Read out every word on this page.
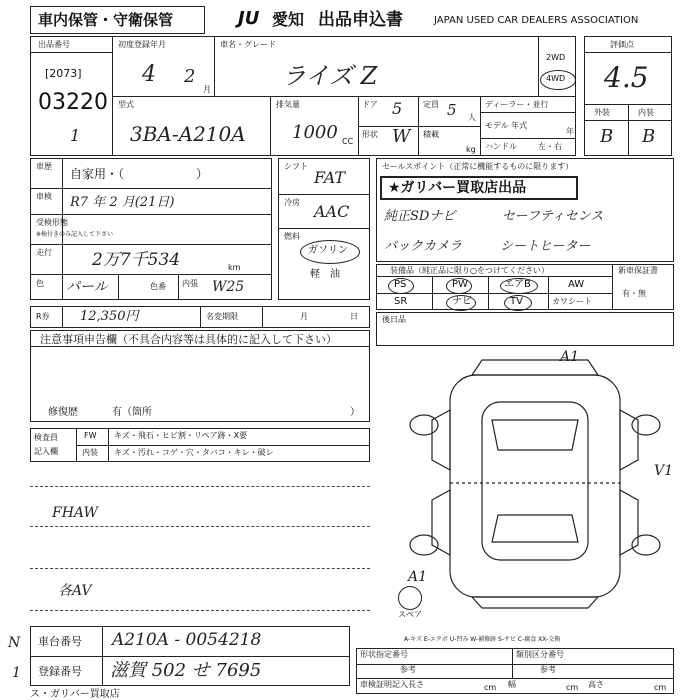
車内保管・守衛保管	JU 愛知 出品申込書	JAPAN USED CAR DEALERS ASSOCIATION
出品番号
[2073]
03220
1
初度登録年月
4 2
月
車名・グレード
ライズ Z
2WD
4WD
型式
3BA-A210A
排気量
1000 CC
ドア 5
形状 W
定員 5 人
積載
kg
ディーラー・並行
モデル 年式
年
ハンドル	左・右
評価点
4.5
外装	内装
B B
車歴
自家用・（　　　　　　）
車検 R7 年 2 月(21日)
受検形態
※検付きのみ記入して下さい
走行 2万7千534	km
色 パール	色番 内張 W25
シフト
FAT
冷房 AAC
燃料
ガソリン
軽　油
セールスポイント（正常に機能するものに限ります）
★ガリバー買取店出品
純正SDナビ	セーフティセンス
バックカメラ	シートヒーター
装備品（純正品に限り○をつけてください）
PS	PW	エアB	AW
SR	ナビ	TV	カワシート
新車保証書
有・無
R券 12,350円	名変期限	月	日	後日品
注意事項申告欄（不具合内容等は具体的に記入して下さい）
修復歴	有（箇所	）
検査員
記入欄
FW キズ・飛石・ヒビ割・リペア跡・X要
内装 キズ・汚れ・コゲ・穴・タバコ・キレ・破レ
FHAW
各AV
A1
V1
A1
スペア
A-キズ E-エクボ U-凹み W-補修跡 S-サビ C-腐食 XX-交換
N
1
車台番号 A210A - 0054218
登録番号 滋賀 502 せ 7695
ス・ガリバー買取店
形状指定番号	類別区分番号
参考	参考
車検証明記入 長さ	幅	高さ
cm	cm	cm
